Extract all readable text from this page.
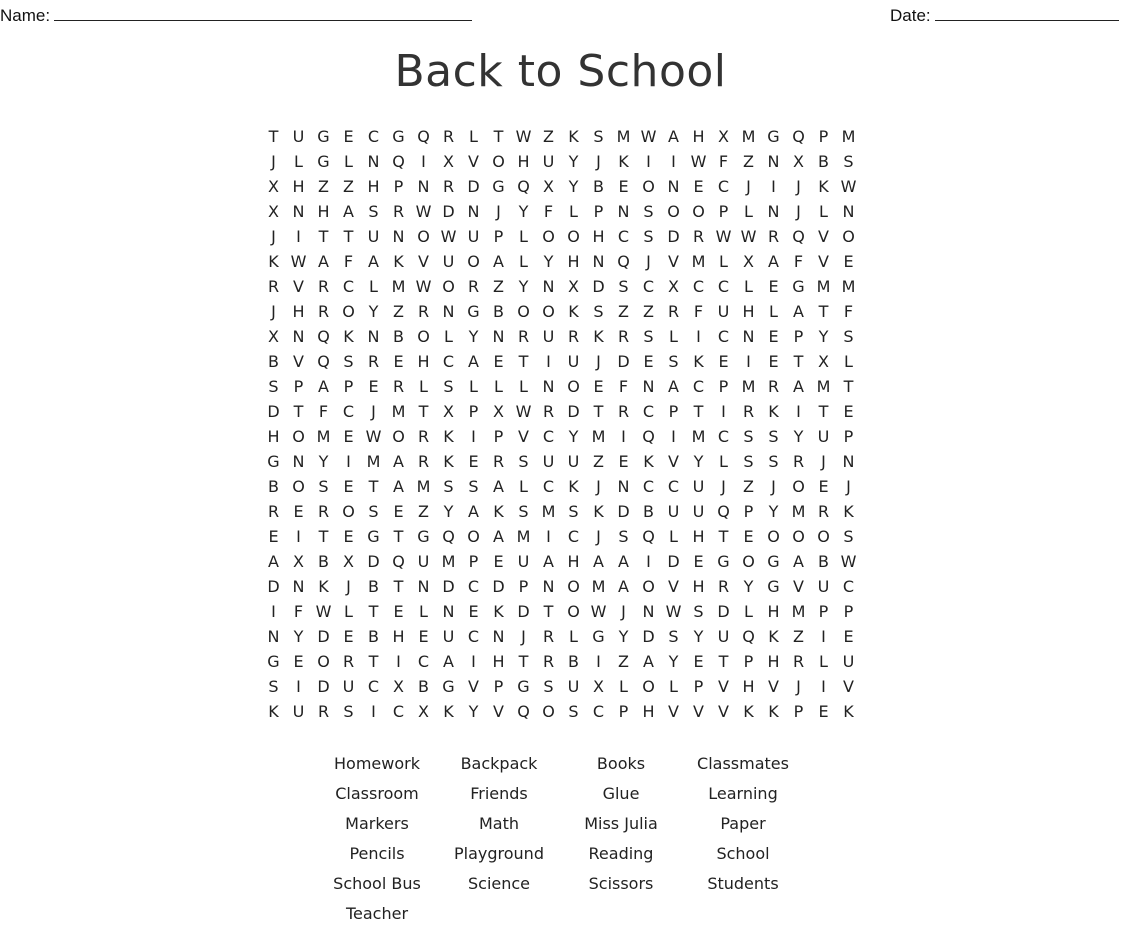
Name:	Date:
Back to School
T U G E C G Q R L T W Z K S M W A H X M G Q P M
J	L G L N Q	I	X V O H U Y	J	K	I	I W F Z N X B S
X H Z Z H P N R D G Q X Y B E O N E C	J	I	J	K W
X N H A S R W D N	J	Y F L P N S O O P L N	J	L N
J	I	T T U N O W U P L O O H C S D R W W R Q V O
K W A F A K V U O A L Y H N Q	J	V M L X A F V E
R V R C L M W O R Z Y N X D S C X C C L E G M M
J	H R O Y Z R N G B O O K S Z Z R F U H L A T F
X N Q K N B O L Y N R U R K R S L	I	C N E P Y S
B V Q S R E H C A E T	I	U	J	D E S K E	I	E T X L
S P A P E R L S L	L	L N O E F N A C P M R A M T
D T F C	J M T X P X W R D T R C P T	I	R K	I	T E
H O M E W O R K	I	P V C Y M I	Q	I M C S S Y U P
G N Y	I M A R K E R S U U Z E K V Y L S S R	J	N
B O S E T A M S S A L C K	J	N C C U	J	Z	J	O E	J
R E R O S E Z Y A K S M S K D B U U Q P Y M R K
E	I	T E G T G Q O A M I	C	J	S Q L H T E O O O S
A X B X D Q U M P E U A H A A	I	D E G O G A B W
D N K	J	B T N D C D P N O M A O V H R Y G V U C
I	F W L T E L N E K D T O W J	N W S D L H M P P
N Y D E B H E U C N	J	R L G Y D S Y U Q K Z	I	E
G E O R T	I	C A	I	H T R B	I	Z A Y E T P H R L U
S	I	D U C X B G V P G S U X L O L P V H V	J	I	V
K U R S	I	C X K Y V Q O S C P H V V V K K P E K
Homework	Backpack	Books	Classmates
Classroom	Friends	Glue	Learning
Markers	Math	Miss Julia	Paper
Pencils	Playground	Reading	School
School Bus	Science	Scissors	Students
Teacher
